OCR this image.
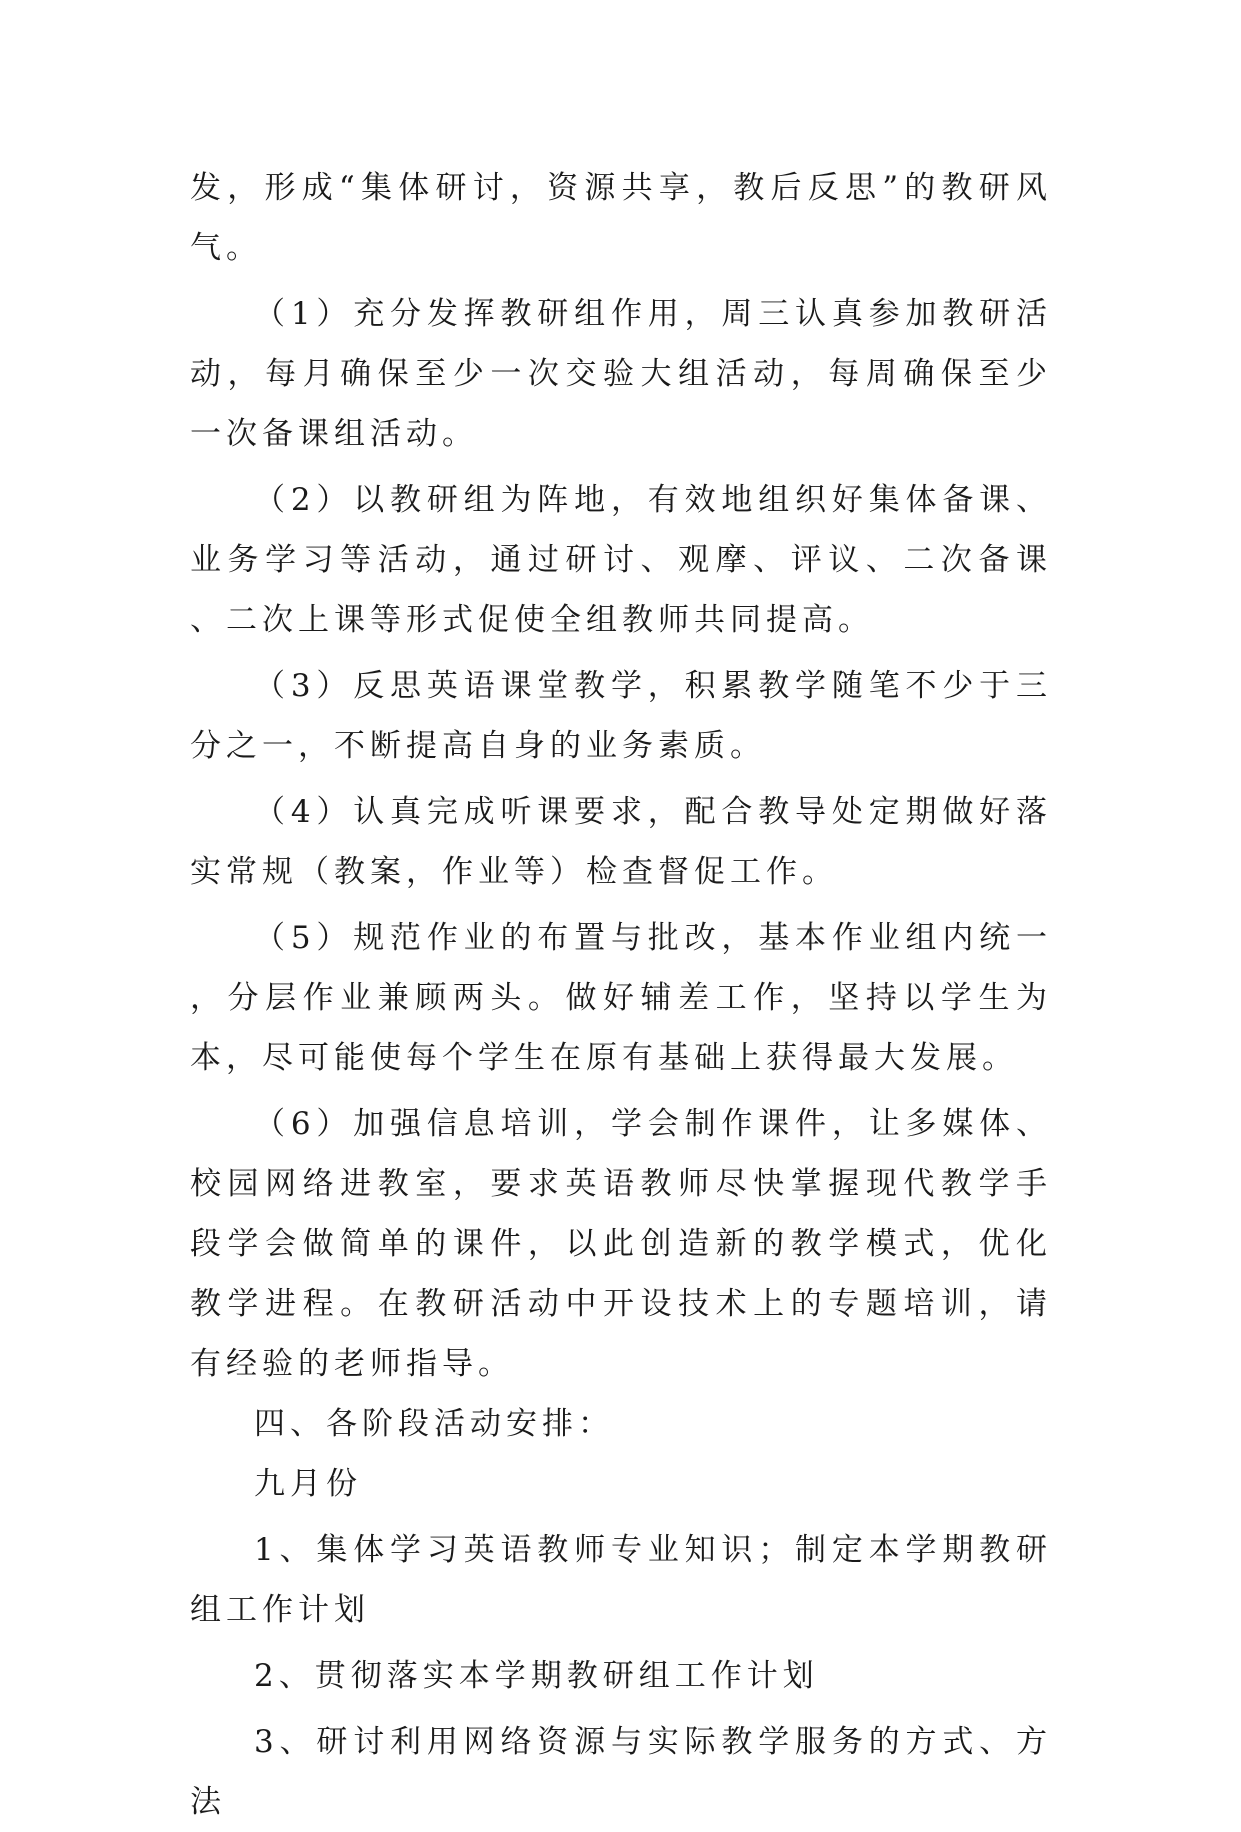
发，形成“集体研讨，资源共享，教后反思”的教研风气。

（1）充分发挥教研组作用，周三认真参加教研活动，每月确保至少一次交验大组活动，每周确保至少一次备课组活动。

（2）以教研组为阵地，有效地组织好集体备课、业务学习等活动，通过研讨、观摩、评议、二次备课、二次上课等形式促使全组教师共同提高。

（3）反思英语课堂教学，积累教学随笔不少于三分之一，不断提高自身的业务素质。

（4）认真完成听课要求，配合教导处定期做好落实常规（教案，作业等）检查督促工作。

（5）规范作业的布置与批改，基本作业组内统一，分层作业兼顾两头。做好辅差工作，坚持以学生为本，尽可能使每个学生在原有基础上获得最大发展。

（6）加强信息培训，学会制作课件，让多媒体、校园网络进教室，要求英语教师尽快掌握现代教学手段学会做简单的课件，以此创造新的教学模式，优化教学进程。在教研活动中开设技术上的专题培训，请有经验的老师指导。

四、各阶段活动安排：

九月份

1、集体学习英语教师专业知识；制定本学期教研组工作计划

2、贯彻落实本学期教研组工作计划

3、研讨利用网络资源与实际教学服务的方式、方法
